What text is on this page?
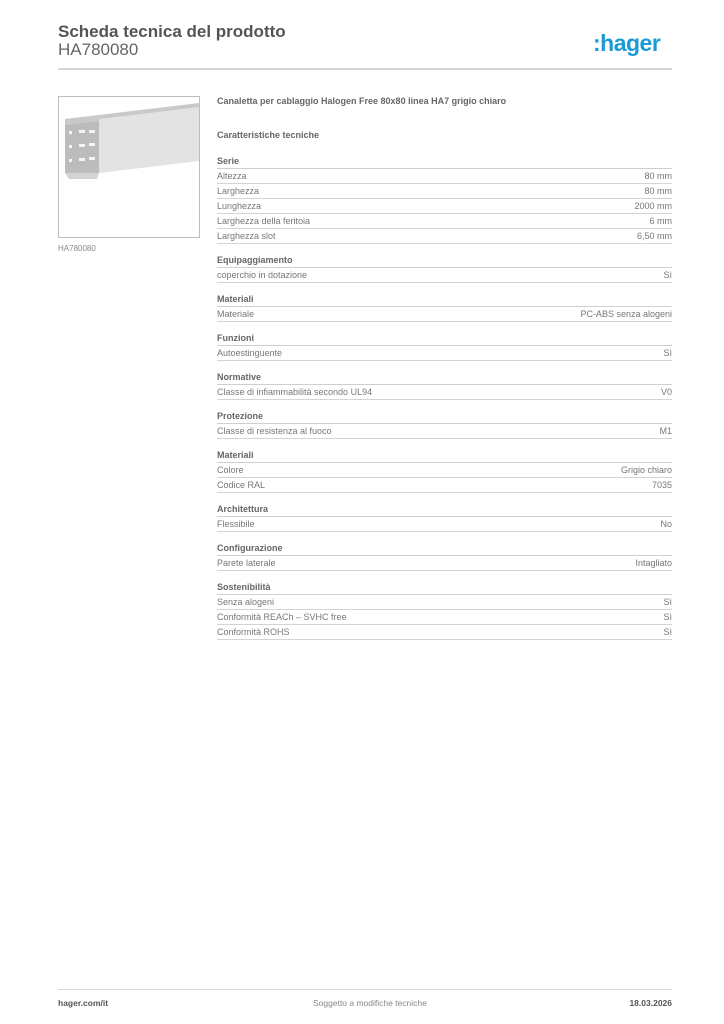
Scheda tecnica del prodotto
HA780080	:hager
HA780080
Canaletta per cablaggio Halogen Free 80x80 linea HA7 grigio chiaro
Caratteristiche tecniche
Serie
Altezza	80 mm
Larghezza	80 mm
Lunghezza	2000 mm
Larghezza della feritoia	6 mm
Larghezza slot	6,50 mm
Equipaggiamento
coperchio in dotazione	Sì
Materiali
Materiale	PC-ABS senza alogeni
Funzioni
Autoestinguente	Sì
Normative
Classe di infiammabilità secondo UL94	V0
Protezione
Classe di resistenza al fuoco	M1
Materiali
Colore	Grigio chiaro
Codice RAL	7035
Architettura
Flessibile	No
Configurazione
Parete laterale	Intagliato
Sostenibilità
Senza alogeni	Sì
Conformità REACh – SVHC free	Sì
Conformità ROHS	Sì
hager.com/it	Soggetto a modifiche tecniche	18.03.2026
